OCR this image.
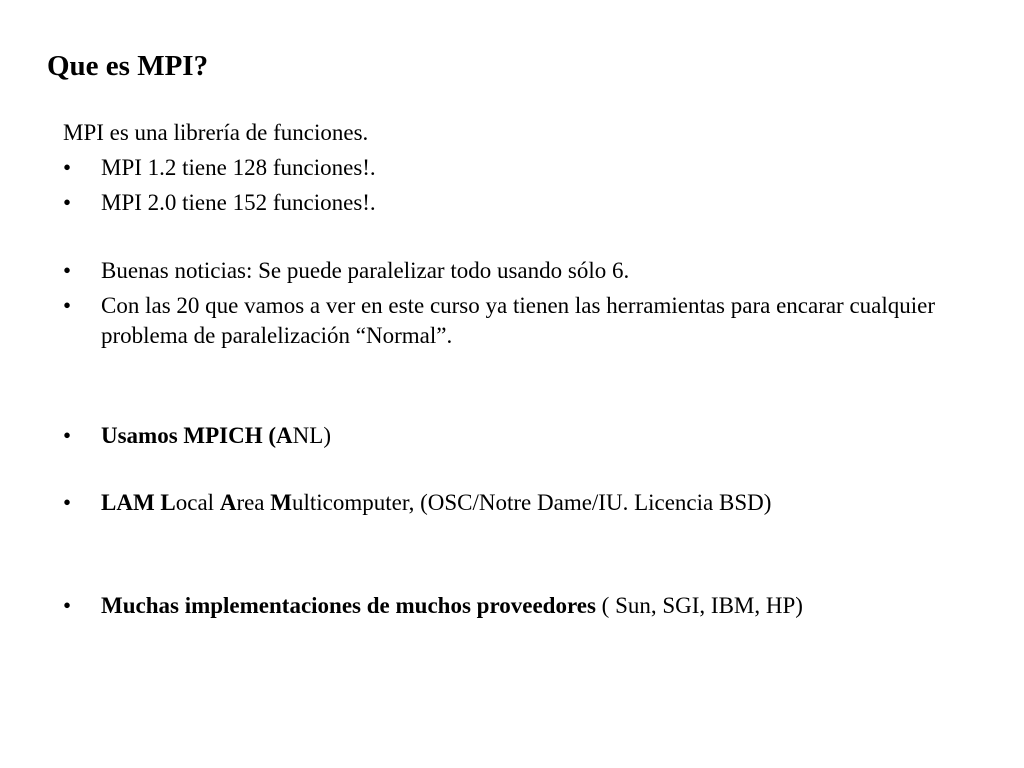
Que es MPI?
MPI es una librería de funciones.
• MPI 1.2 tiene 128 funciones!.
• MPI 2.0 tiene 152 funciones!.
• Buenas noticias: Se puede paralelizar todo usando sólo 6.
• Con las 20 que vamos a ver en este curso ya tienen las herramientas para encarar cualquier problema de paralelización “Normal”.
• Usamos MPICH (ANL)
• LAM Local Area Multicomputer, (OSC/Notre Dame/IU. Licencia BSD)
• Muchas implementaciones de muchos proveedores ( Sun, SGI, IBM, HP)
